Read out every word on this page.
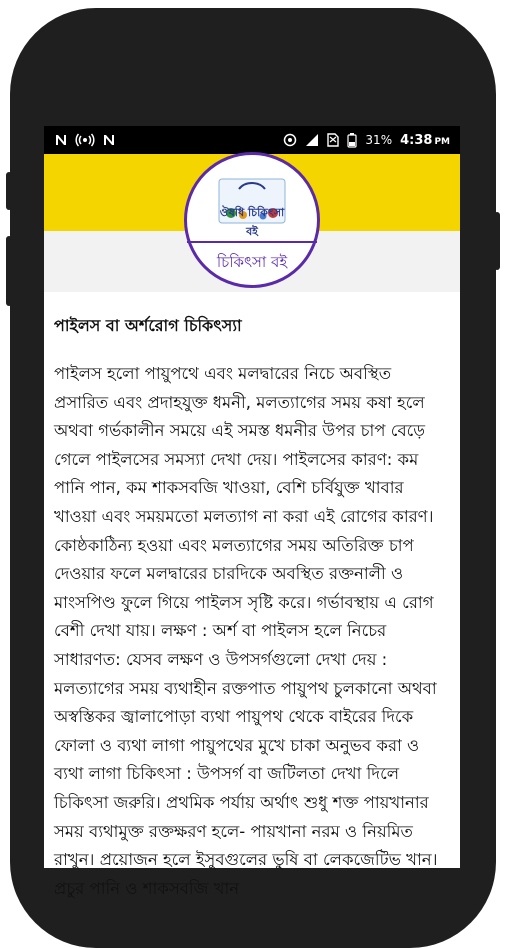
31% 4:38 PM
ঔষধি চিকিৎসা বই
চিকিৎসা বই
পাইলস বা অর্শরোগ চিকিৎস্যা

পাইলস হলো পায়ুপথে এবং মলদ্বারের নিচে অবস্থিত প্রসারিত এবং প্রদাহযুক্ত ধমনী, মলত্যাগের সময় কষা হলে অথবা গর্ভকালীন সময়ে এই সমস্ত ধমনীর উপর চাপ বেড়ে গেলে পাইলসের সমস্যা দেখা দেয়। পাইলসের কারণ: কম পানি পান, কম শাকসবজি খাওয়া, বেশি চর্বিযুক্ত খাবার খাওয়া এবং সময়মতো মলত্যাগ না করা এই রোগের কারণ। কোষ্ঠকাঠিন্য হওয়া এবং মলত্যাগের সময় অতিরিক্ত চাপ দেওয়ার ফলে মলদ্বারের চারদিকে অবস্থিত রক্তনালী ও মাংসপিণ্ড ফুলে গিয়ে পাইলস সৃষ্টি করে। গর্ভাবস্থায় এ রোগ বেশী দেখা যায়। লক্ষণ : অর্শ বা পাইলস হলে নিচের সাধারণত: যেসব লক্ষণ ও উপসর্গগুলো দেখা দেয় : মলত্যাগের সময় ব্যথাহীন রক্তপাত পায়ুপথ চুলকানো অথবা অস্বস্তিকর জ্বালাপোড়া ব্যথা পায়ুপথ থেকে বাইরের দিকে ফোলা ও ব্যথা লাগা পায়ুপথের মুখে চাকা অনুভব করা ও ব্যথা লাগা চিকিৎসা : উপসর্গ বা জটিলতা দেখা দিলে চিকিৎসা জরুরি। প্রথমিক পর্যায় অর্থাৎ শুধু শক্ত পায়খানার সময় ব্যথামুক্ত রক্তক্ষরণ হলে- পায়খানা নরম ও নিয়মিত রাখুন। প্রয়োজন হলে ইসুবগুলের ভুষি বা লেকজেটিভ খান। প্রচুর পানি ও শাকসবজি খান
